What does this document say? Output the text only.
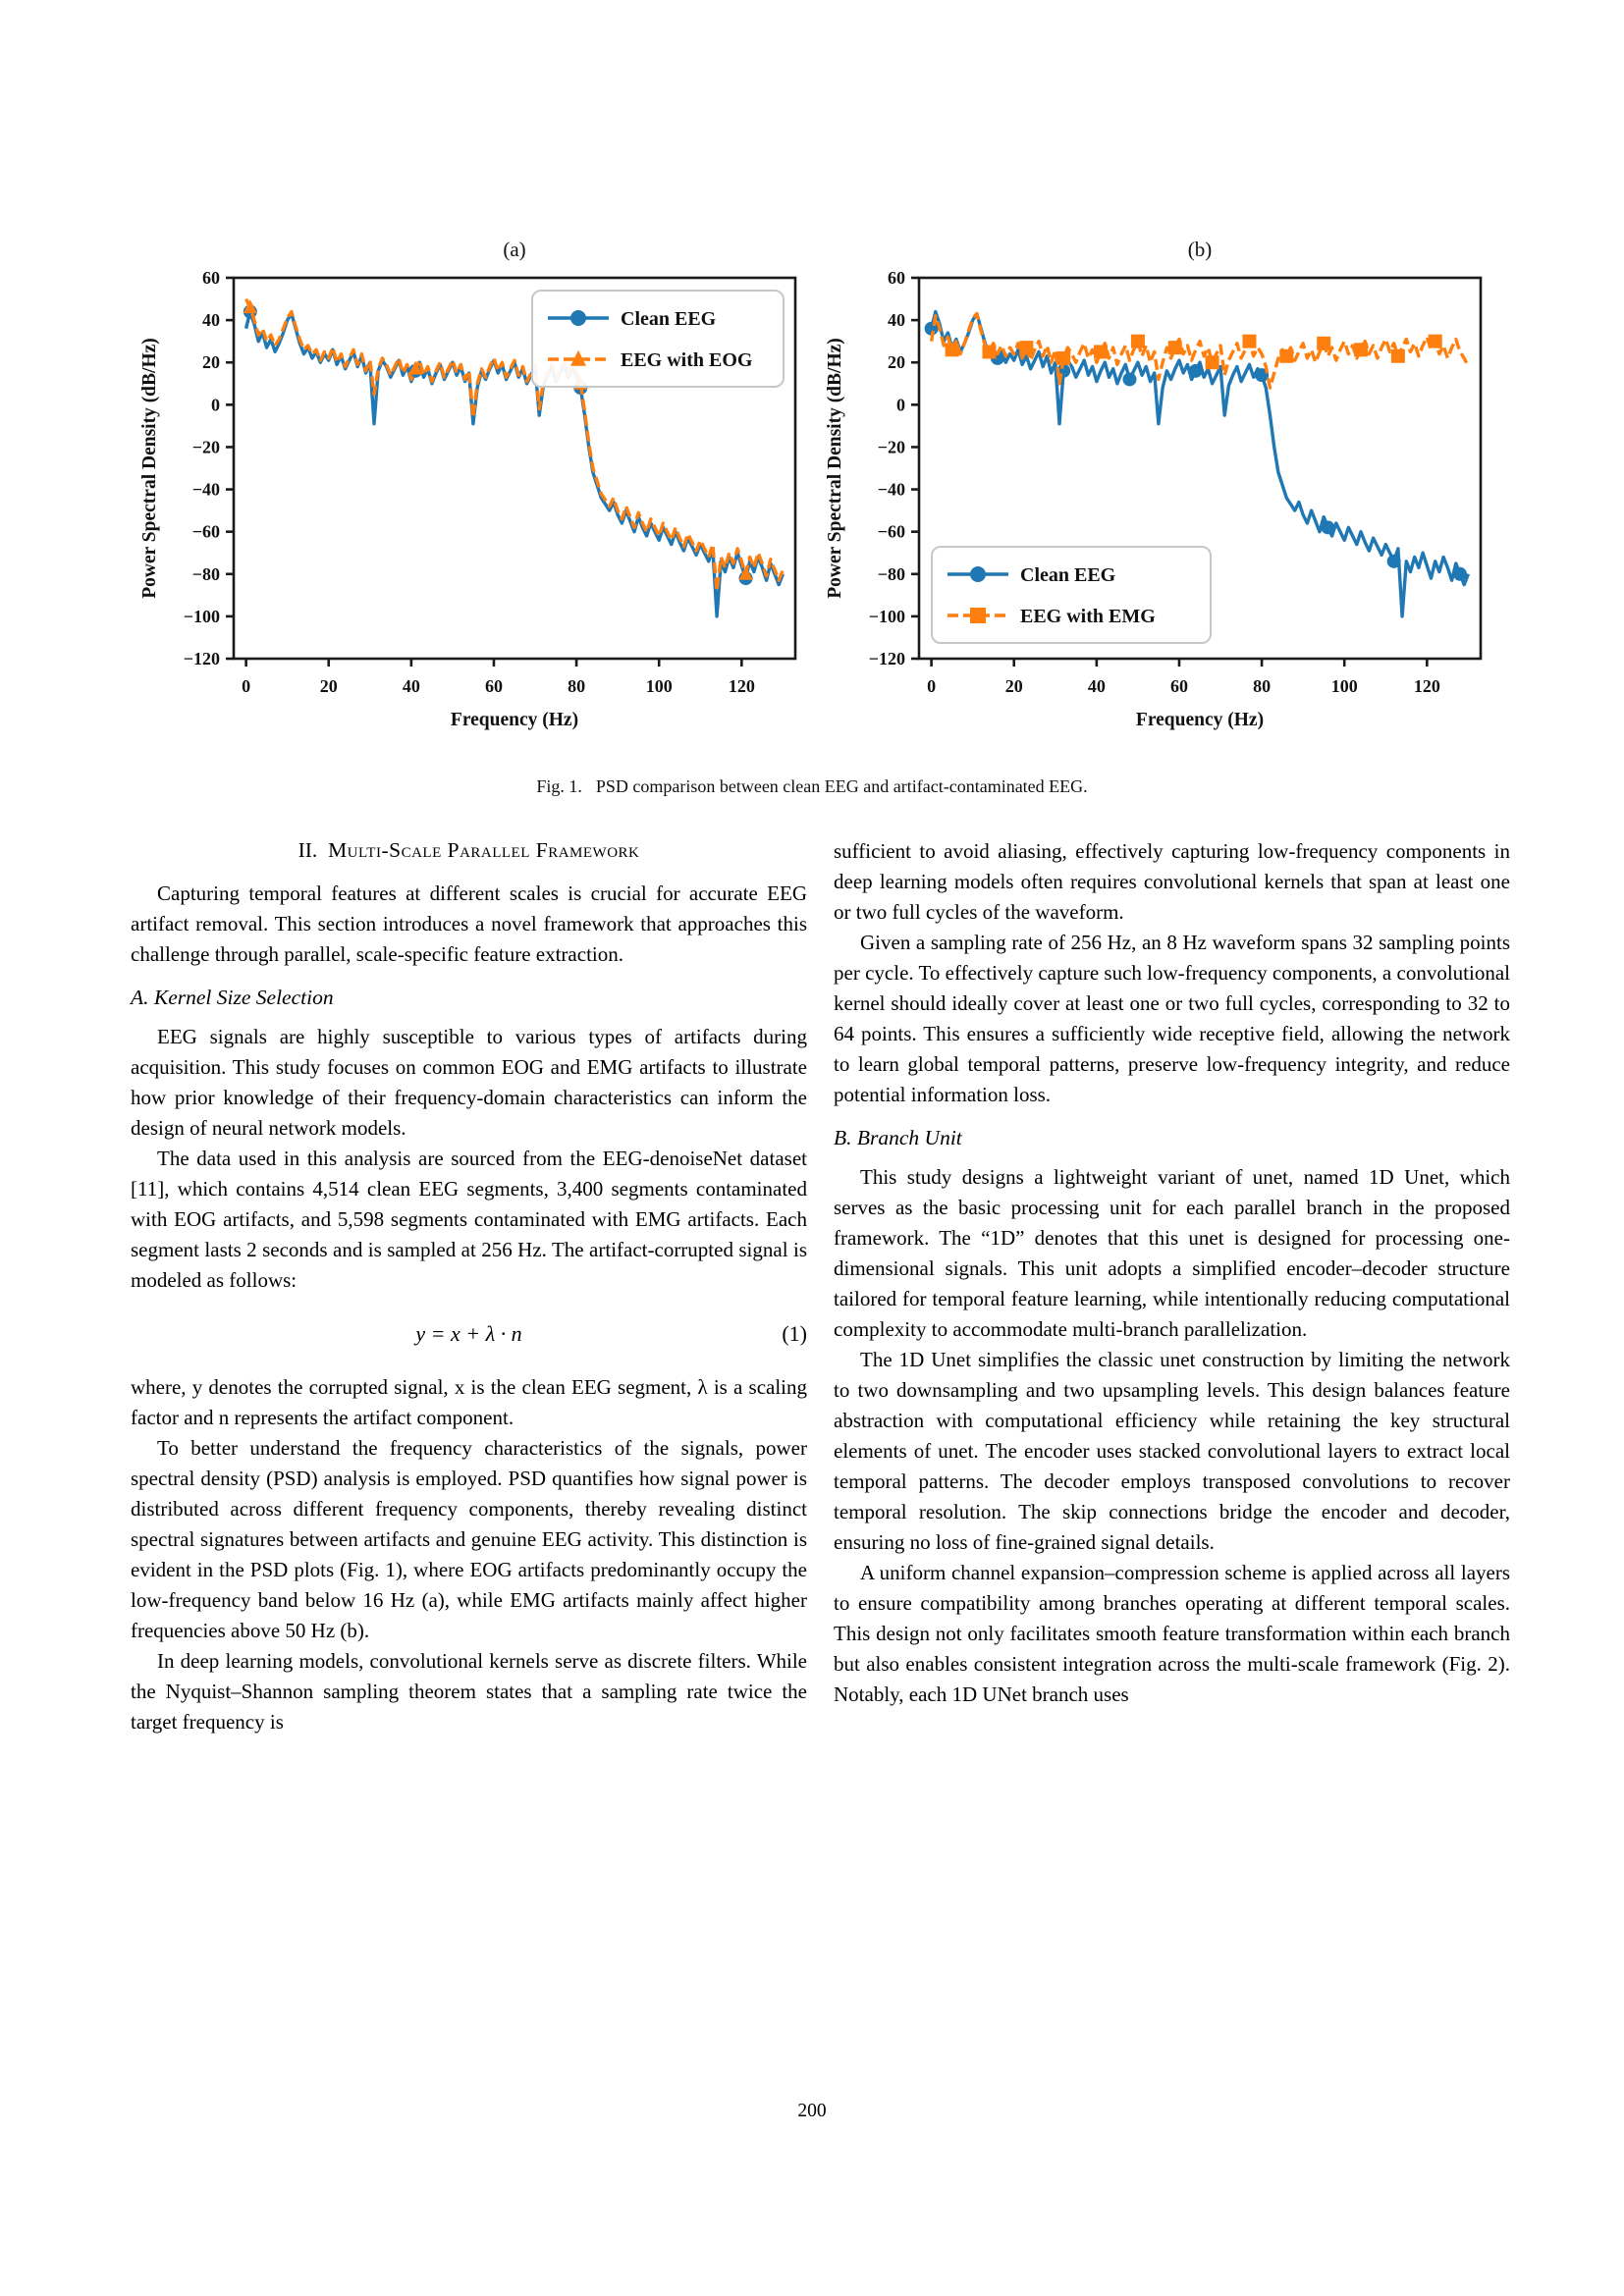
(a)
0	20	40	60	80	100	120
60
40
20
0
−20
−40
−60
−80
−100
−120
Frequency (Hz)
Power Spectral Density (dB/Hz)
Clean EEG
EEG with EOG
(b)
0	20	40	60	80	100	120
60
40
20
0
−20
−40
−60
−80
−100
−120
Frequency (Hz)
Power Spectral Density (dB/Hz)	Clean EEG
EEG with EMG
Fig. 1. PSD comparison between clean EEG and artifact-contaminated EEG.
II.  Multi-Scale Parallel Framework

Capturing temporal features at different scales is crucial for accurate EEG artifact removal. This section introduces a novel framework that approaches this challenge through parallel, scale-specific feature extraction.

A. Kernel Size Selection

EEG signals are highly susceptible to various types of artifacts during acquisition. This study focuses on common EOG and EMG artifacts to illustrate how prior knowledge of their frequency-domain characteristics can inform the design of neural network models.

The data used in this analysis are sourced from the EEG-denoiseNet dataset [11], which contains 4,514 clean EEG segments, 3,400 segments contaminated with EOG artifacts, and 5,598 segments contaminated with EMG artifacts. Each segment lasts 2 seconds and is sampled at 256 Hz. The artifact-corrupted signal is modeled as follows:

y = x + λ · n	(1)

where, y denotes the corrupted signal, x is the clean EEG segment, λ is a scaling factor and n represents the artifact component.

To better understand the frequency characteristics of the signals, power spectral density (PSD) analysis is employed. PSD quantifies how signal power is distributed across different frequency components, thereby revealing distinct spectral signatures between artifacts and genuine EEG activity. This distinction is evident in the PSD plots (Fig. 1), where EOG artifacts predominantly occupy the low-frequency band below 16 Hz (a), while EMG artifacts mainly affect higher frequencies above 50 Hz (b).

In deep learning models, convolutional kernels serve as discrete filters. While the Nyquist–Shannon sampling theorem states that a sampling rate twice the target frequency is

sufficient to avoid aliasing, effectively capturing low-frequency components in deep learning models often requires convolutional kernels that span at least one or two full cycles of the waveform.

Given a sampling rate of 256 Hz, an 8 Hz waveform spans 32 sampling points per cycle. To effectively capture such low-frequency components, a convolutional kernel should ideally cover at least one or two full cycles, corresponding to 32 to 64 points. This ensures a sufficiently wide receptive field, allowing the network to learn global temporal patterns, preserve low-frequency integrity, and reduce potential information loss.

B. Branch Unit

This study designs a lightweight variant of unet, named 1D Unet, which serves as the basic processing unit for each parallel branch in the proposed framework. The “1D” denotes that this unet is designed for processing one-dimensional signals. This unit adopts a simplified encoder–decoder structure tailored for temporal feature learning, while intentionally reducing computational complexity to accommodate multi-branch parallelization.

The 1D Unet simplifies the classic unet construction by limiting the network to two downsampling and two upsampling levels. This design balances feature abstraction with computational efficiency while retaining the key structural elements of unet. The encoder uses stacked convolutional layers to extract local temporal patterns. The decoder employs transposed convolutions to recover temporal resolution. The skip connections bridge the encoder and decoder, ensuring no loss of fine-grained signal details.

A uniform channel expansion–compression scheme is applied across all layers to ensure compatibility among branches operating at different temporal scales. This design not only facilitates smooth feature transformation within each branch but also enables consistent integration across the multi-scale framework (Fig. 2). Notably, each 1D UNet branch uses

200
